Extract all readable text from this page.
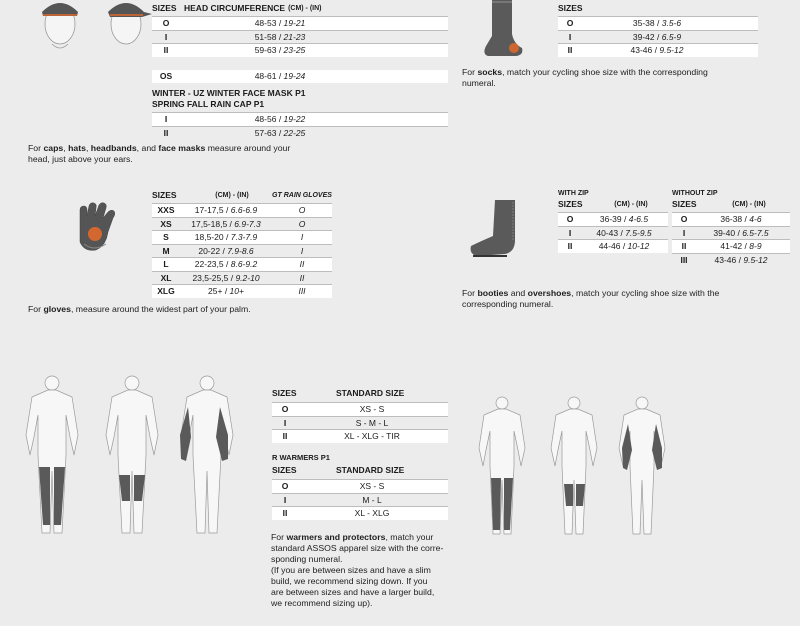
SIZES HEAD CIRCUMFERENCE (CM) - (IN)
O	48-53 / 19-21
I	51-58 / 21-23
II	59-63 / 23-25
OS	48-61 / 19-24
WINTER - UZ WINTER FACE MASK P1
SPRING FALL RAIN CAP P1
I	48-56 / 19-22
II	57-63 / 22-25
For caps, hats, headbands, and face masks measure around your
head, just above your ears.
SIZES
O	35-38 / 3.5-6
I	39-42 / 6.5-9
II	43-46 / 9.5-12
For socks, match your cycling shoe size with the corresponding
numeral.
SIZES	(CM) - (IN)	GT RAIN GLOVES
XXS	17-17,5 / 6.6-6.9	O
XS	17,5-18,5 / 6.9-7.3	O
S	18,5-20 / 7.3-7.9	I
M	20-22 / 7.9-8.6	I
L	22-23,5 / 8.6-9.2	II
XL	23,5-25,5 / 9.2-10	II
XLG	25+ / 10+	III
For gloves, measure around the widest part of your palm.
WITH ZIP
SIZES	(CM) - (IN)
O	36-39 / 4-6.5
I	40-43 / 7.5-9.5
II	44-46 / 10-12
WITHOUT ZIP
SIZES	(CM) - (IN)
O	36-38 / 4-6
I	39-40 / 6.5-7.5
II	41-42 / 8-9
III	43-46 / 9.5-12
For booties and overshoes, match your cycling shoe size with the
corresponding numeral.
SIZES	STANDARD SIZE
O	XS - S
I	S - M - L
II	XL - XLG - TIR
R WARMERS P1
SIZES	STANDARD SIZE
O	XS - S
I	M - L
II	XL - XLG
For warmers and protectors, match your
standard ASSOS apparel size with the corre-
sponding numeral.
(If you are between sizes and have a slim
build, we recommend sizing down. If you
are between sizes and have a larger build,
we recommend sizing up).
